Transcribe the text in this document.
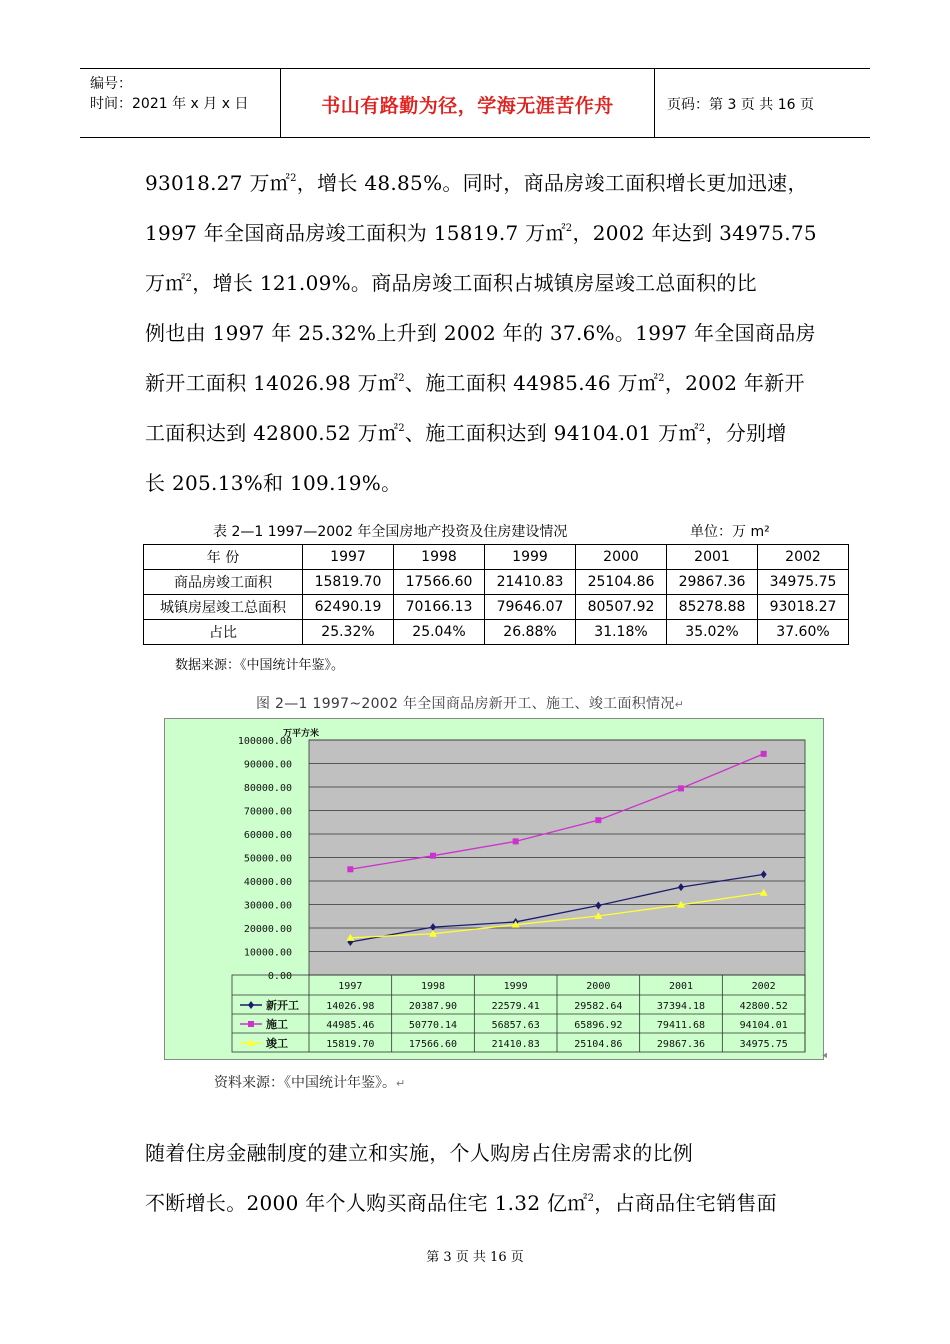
编号：
时间：2021 年 x 月 x 日	书山有路勤为径，学海无涯苦作舟	页码：第 3 页 共 16 页
93018.27 万㎡$^2$，增长 48.85%。同时，商品房竣工面积增长更加迅速，
1997 年全国商品房竣工面积为 15819.7 万㎡$^2$，2002 年达到 34975.75
万㎡$^2$，增长 121.09%。商品房竣工面积占城镇房屋竣工总面积的比
例也由 1997 年 25.32%上升到 2002 年的 37.6%。1997 年全国商品房
新开工面积 14026.98 万㎡$^2$、施工面积 44985.46 万㎡$^2$，2002 年新开
工面积达到 42800.52 万㎡$^2$、施工面积达到 94104.01 万㎡$^2$，分别增
长 205.13%和 109.19%。
表 2—1 1997—2002 年全国房地产投资及住房建设情况	单位：万 m²
年 份	1997	1998	1999	2000	2001	2002
商品房竣工面积	15819.70	17566.60	21410.83	25104.86	29867.36	34975.75
城镇房屋竣工总面积	62490.19	70166.13	79646.07	80507.92	85278.88	93018.27
占比	25.32%	25.04%	26.88%	31.18%	35.02%	37.60%
数据来源：《中国统计年鉴》。
图 2—1 1997~2002 年全国商品房新开工、施工、竣工面积情况↵
100000.00
90000.00
80000.00
70000.00
60000.00
50000.00
40000.00
30000.00
20000.00
10000.00
0.00
万平方米
1997	1998	1999	2000	2001	2002
新开工	14026.98	20387.90	22579.41	29582.64	37394.18	42800.52
施工	44985.46	50770.14	56857.63	65896.92	79411.68	94104.01
竣工	15819.70	17566.60	21410.83	25104.86	29867.36	34975.75
◂
资料来源：《中国统计年鉴》。↵
随着住房金融制度的建立和实施，个人购房占住房需求的比例
不断增长。2000 年个人购买商品住宅 1.32 亿㎡$^2$，占商品住宅销售面
第 3 页 共 16 页
